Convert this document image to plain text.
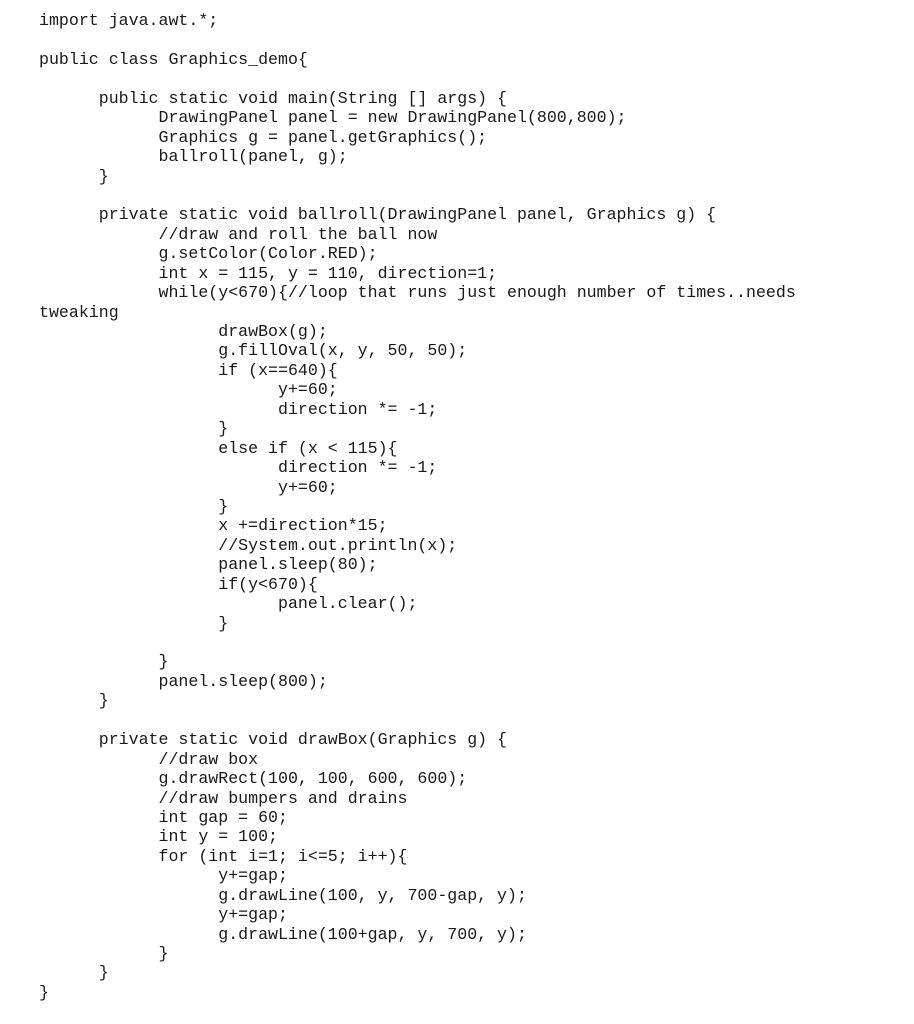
import java.awt.*;
public class Graphics_demo{
public static void main(String [] args) {
DrawingPanel panel = new DrawingPanel(800,800);
Graphics g = panel.getGraphics();
ballroll(panel, g);
}
private static void ballroll(DrawingPanel panel, Graphics g) {
//draw and roll the ball now
g.setColor(Color.RED);
int x = 115, y = 110, direction=1;
while(y<670){//loop that runs just enough number of times..needs
tweaking
drawBox(g);
g.fillOval(x, y, 50, 50);
if (x==640){
y+=60;
direction *= -1;
}
else if (x < 115){
direction *= -1;
y+=60;
}
x +=direction*15;
//System.out.println(x);
panel.sleep(80);
if(y<670){
panel.clear();
}
}
panel.sleep(800);
}
private static void drawBox(Graphics g) {
//draw box
g.drawRect(100, 100, 600, 600);
//draw bumpers and drains
int gap = 60;
int y = 100;
for (int i=1; i<=5; i++){
y+=gap;
g.drawLine(100, y, 700-gap, y);
y+=gap;
g.drawLine(100+gap, y, 700, y);
}
}
}
